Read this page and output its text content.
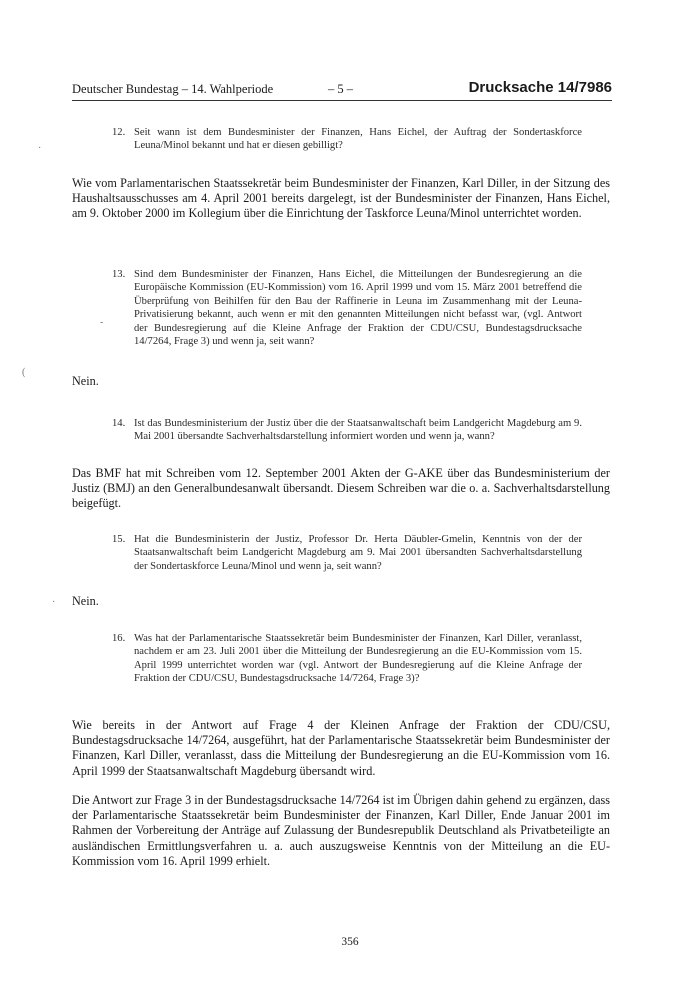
Deutscher Bundestag – 14. Wahlperiode	– 5 –	Drucksache 14/7986
12. Seit wann ist dem Bundesminister der Finanzen, Hans Eichel, der Auftrag der Sondertaskforce Leuna/Minol bekannt und hat er diesen gebilligt?
Wie vom Parlamentarischen Staatssekretär beim Bundesminister der Finanzen, Karl Diller, in der Sitzung des Haushaltsausschusses am 4. April 2001 bereits dargelegt, ist der Bundesminister der Finanzen, Hans Eichel, am 9. Oktober 2000 im Kollegium über die Einrichtung der Taskforce Leuna/Minol unterrichtet worden.
13. Sind dem Bundesminister der Finanzen, Hans Eichel, die Mitteilungen der Bundesregierung an die Europäische Kommission (EU-Kommission) vom 16. April 1999 und vom 15. März 2001 betreffend die Überprüfung von Beihilfen für den Bau der Raffinerie in Leuna im Zusammenhang mit der Leuna-Privatisierung bekannt, auch wenn er mit den genannten Mitteilungen nicht befasst war, (vgl. Antwort der Bundesregierung auf die Kleine Anfrage der Fraktion der CDU/CSU, Bundestagsdrucksache 14/7264, Frage 3) und wenn ja, seit wann?
Nein.
14. Ist das Bundesministerium der Justiz über die der Staatsanwaltschaft beim Landgericht Magdeburg am 9. Mai 2001 übersandte Sachverhaltsdarstellung informiert worden und wenn ja, wann?
Das BMF hat mit Schreiben vom 12. September 2001 Akten der G-AKE über das Bundesministerium der Justiz (BMJ) an den Generalbundesanwalt übersandt. Diesem Schreiben war die o. a. Sachverhaltsdarstellung beigefügt.
15. Hat die Bundesministerin der Justiz, Professor Dr. Herta Däubler-Gmelin, Kenntnis von der der Staatsanwaltschaft beim Landgericht Magdeburg am 9. Mai 2001 übersandten Sachverhaltsdarstellung der Sondertaskforce Leuna/Minol und wenn ja, seit wann?
Nein.
16. Was hat der Parlamentarische Staatssekretär beim Bundesminister der Finanzen, Karl Diller, veranlasst, nachdem er am 23. Juli 2001 über die Mitteilung der Bundesregierung an die EU-Kommission vom 15. April 1999 unterrichtet worden war (vgl. Antwort der Bundesregierung auf die Kleine Anfrage der Fraktion der CDU/CSU, Bundestagsdrucksache 14/7264, Frage 3)?
Wie bereits in der Antwort auf Frage 4 der Kleinen Anfrage der Fraktion der CDU/CSU, Bundestagsdrucksache 14/7264, ausgeführt, hat der Parlamentarische Staatssekretär beim Bundesminister der Finanzen, Karl Diller, veranlasst, dass die Mitteilung der Bundesregierung an die EU-Kommission vom 16. April 1999 der Staatsanwaltschaft Magdeburg übersandt wird.
Die Antwort zur Frage 3 in der Bundestagsdrucksache 14/7264 ist im Übrigen dahin gehend zu ergänzen, dass der Parlamentarische Staatssekretär beim Bundesminister der Finanzen, Karl Diller, Ende Januar 2001 im Rahmen der Vorbereitung der Anträge auf Zulassung der Bundesrepublik Deutschland als Privatbeteiligte an ausländischen Ermittlungsverfahren u. a. auch auszugsweise Kenntnis von der Mitteilung an die EU-Kommission vom 16. April 1999 erhielt.
356
·
-
(
·
